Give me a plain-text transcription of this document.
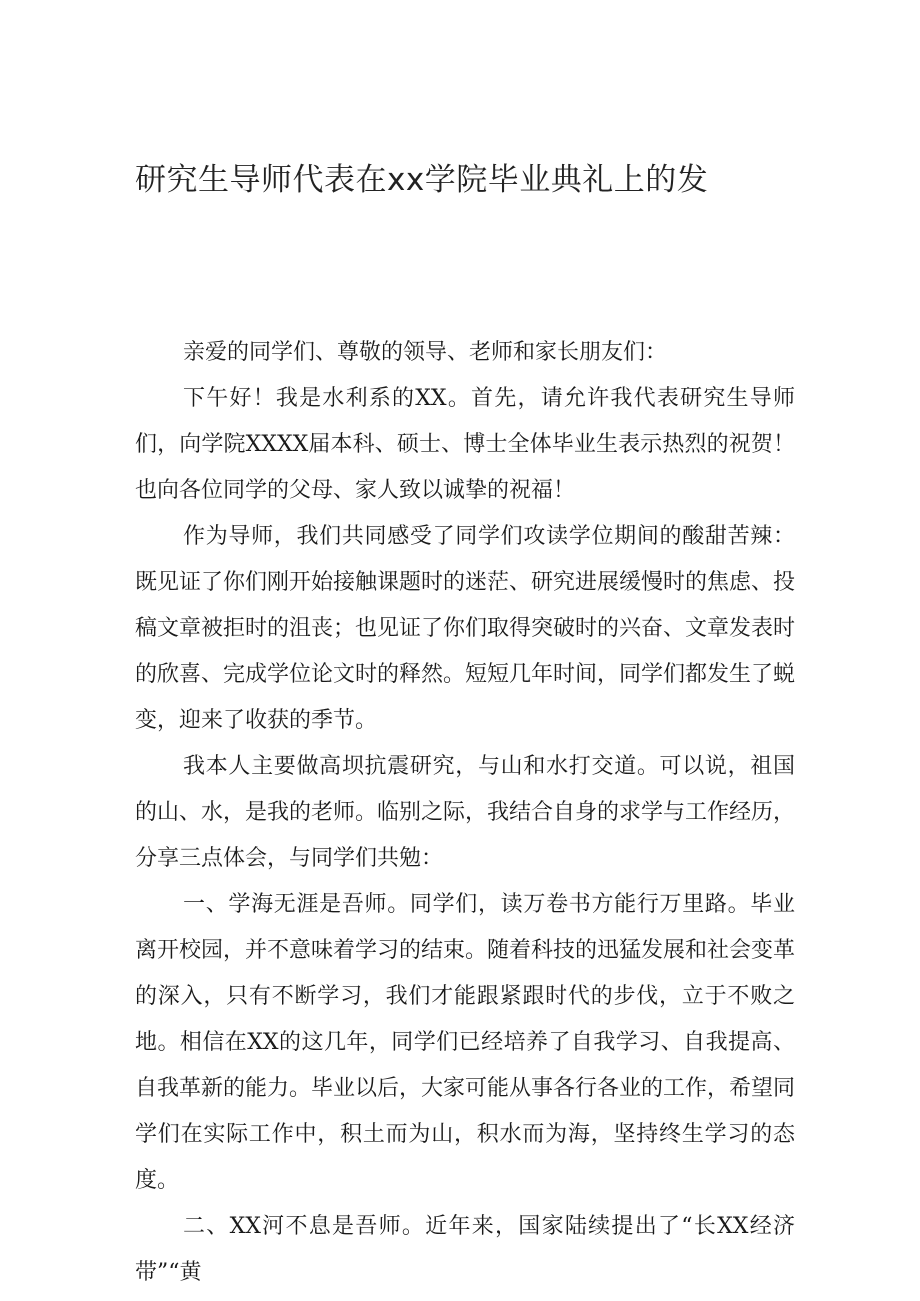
研究生导师代表在xx学院毕业典礼上的发

亲爱的同学们、尊敬的领导、老师和家长朋友们：

下午好！我是水利系的XX。首先，请允许我代表研究生导师们，向学院XXXX届本科、硕士、博士全体毕业生表示热烈的祝贺！也向各位同学的父母、家人致以诚挚的祝福！

作为导师，我们共同感受了同学们攻读学位期间的酸甜苦辣：既见证了你们刚开始接触课题时的迷茫、研究进展缓慢时的焦虑、投稿文章被拒时的沮丧；也见证了你们取得突破时的兴奋、文章发表时的欣喜、完成学位论文时的释然。短短几年时间，同学们都发生了蜕变，迎来了收获的季节。

我本人主要做高坝抗震研究，与山和水打交道。可以说，祖国的山、水，是我的老师。临别之际，我结合自身的求学与工作经历，分享三点体会，与同学们共勉：

一、学海无涯是吾师。同学们，读万卷书方能行万里路。毕业离开校园，并不意味着学习的结束。随着科技的迅猛发展和社会变革的深入，只有不断学习，我们才能跟紧跟时代的步伐，立于不败之地。相信在XX的这几年，同学们已经培养了自我学习、自我提高、自我革新的能力。毕业以后，大家可能从事各行各业的工作，希望同学们在实际工作中，积土而为山，积水而为海，坚持终生学习的态度。

二、XX河不息是吾师。近年来，国家陆续提出了“长XX经济带”“黄
